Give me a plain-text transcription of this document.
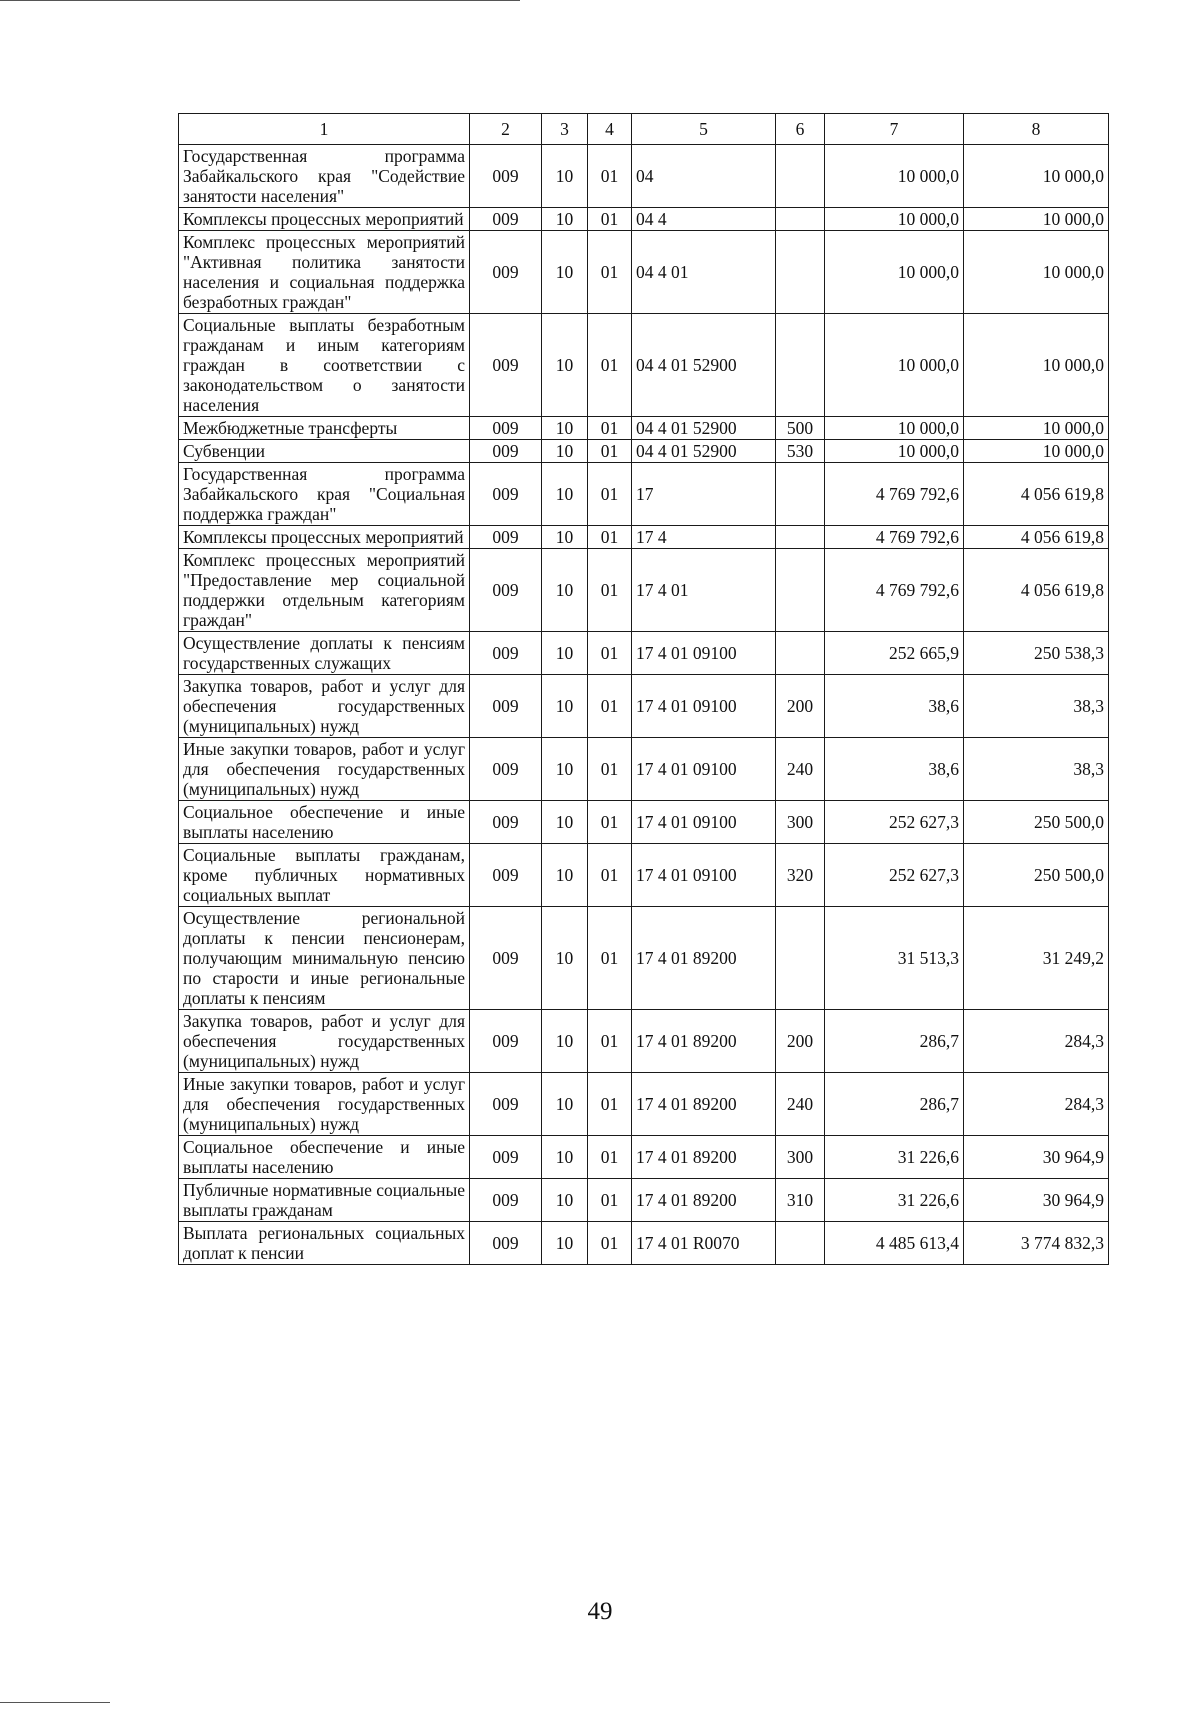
1	2	3	4	5	6	7	8
Государственная программа Забайкальского края "Содействие занятости населения"	009	10	01	04		10 000,0	10 000,0
Комплексы процессных мероприятий	009	10	01	04 4		10 000,0	10 000,0
Комплекс процессных мероприятий "Активная политика занятости населения и социальная поддержка безработных граждан"	009	10	01	04 4 01		10 000,0	10 000,0
Социальные выплаты безработным гражданам и иным категориям граждан в соответствии с законодательством о занятости населения	009	10	01	04 4 01 52900		10 000,0	10 000,0
Межбюджетные трансферты	009	10	01	04 4 01 52900	500	10 000,0	10 000,0
Субвенции	009	10	01	04 4 01 52900	530	10 000,0	10 000,0
Государственная программа Забайкальского края "Социальная поддержка граждан"	009	10	01	17		4 769 792,6	4 056 619,8
Комплексы процессных мероприятий	009	10	01	17 4		4 769 792,6	4 056 619,8
Комплекс процессных мероприятий "Предоставление мер социальной поддержки отдельным категориям граждан"	009	10	01	17 4 01		4 769 792,6	4 056 619,8
Осуществление доплаты к пенсиям государственных служащих	009	10	01	17 4 01 09100		252 665,9	250 538,3
Закупка товаров, работ и услуг для обеспечения государственных (муниципальных) нужд	009	10	01	17 4 01 09100	200	38,6	38,3
Иные закупки товаров, работ и услуг для обеспечения государственных (муниципальных) нужд	009	10	01	17 4 01 09100	240	38,6	38,3
Социальное обеспечение и иные выплаты населению	009	10	01	17 4 01 09100	300	252 627,3	250 500,0
Социальные выплаты гражданам, кроме публичных нормативных социальных выплат	009	10	01	17 4 01 09100	320	252 627,3	250 500,0
Осуществление региональной доплаты к пенсии пенсионерам, получающим минимальную пенсию по старости и иные региональные доплаты к пенсиям	009	10	01	17 4 01 89200		31 513,3	31 249,2
Закупка товаров, работ и услуг для обеспечения государственных (муниципальных) нужд	009	10	01	17 4 01 89200	200	286,7	284,3
Иные закупки товаров, работ и услуг для обеспечения государственных (муниципальных) нужд	009	10	01	17 4 01 89200	240	286,7	284,3
Социальное обеспечение и иные выплаты населению	009	10	01	17 4 01 89200	300	31 226,6	30 964,9
Публичные нормативные социальные выплаты гражданам	009	10	01	17 4 01 89200	310	31 226,6	30 964,9
Выплата региональных социальных доплат к пенсии	009	10	01	17 4 01 R0070		4 485 613,4	3 774 832,3
49
